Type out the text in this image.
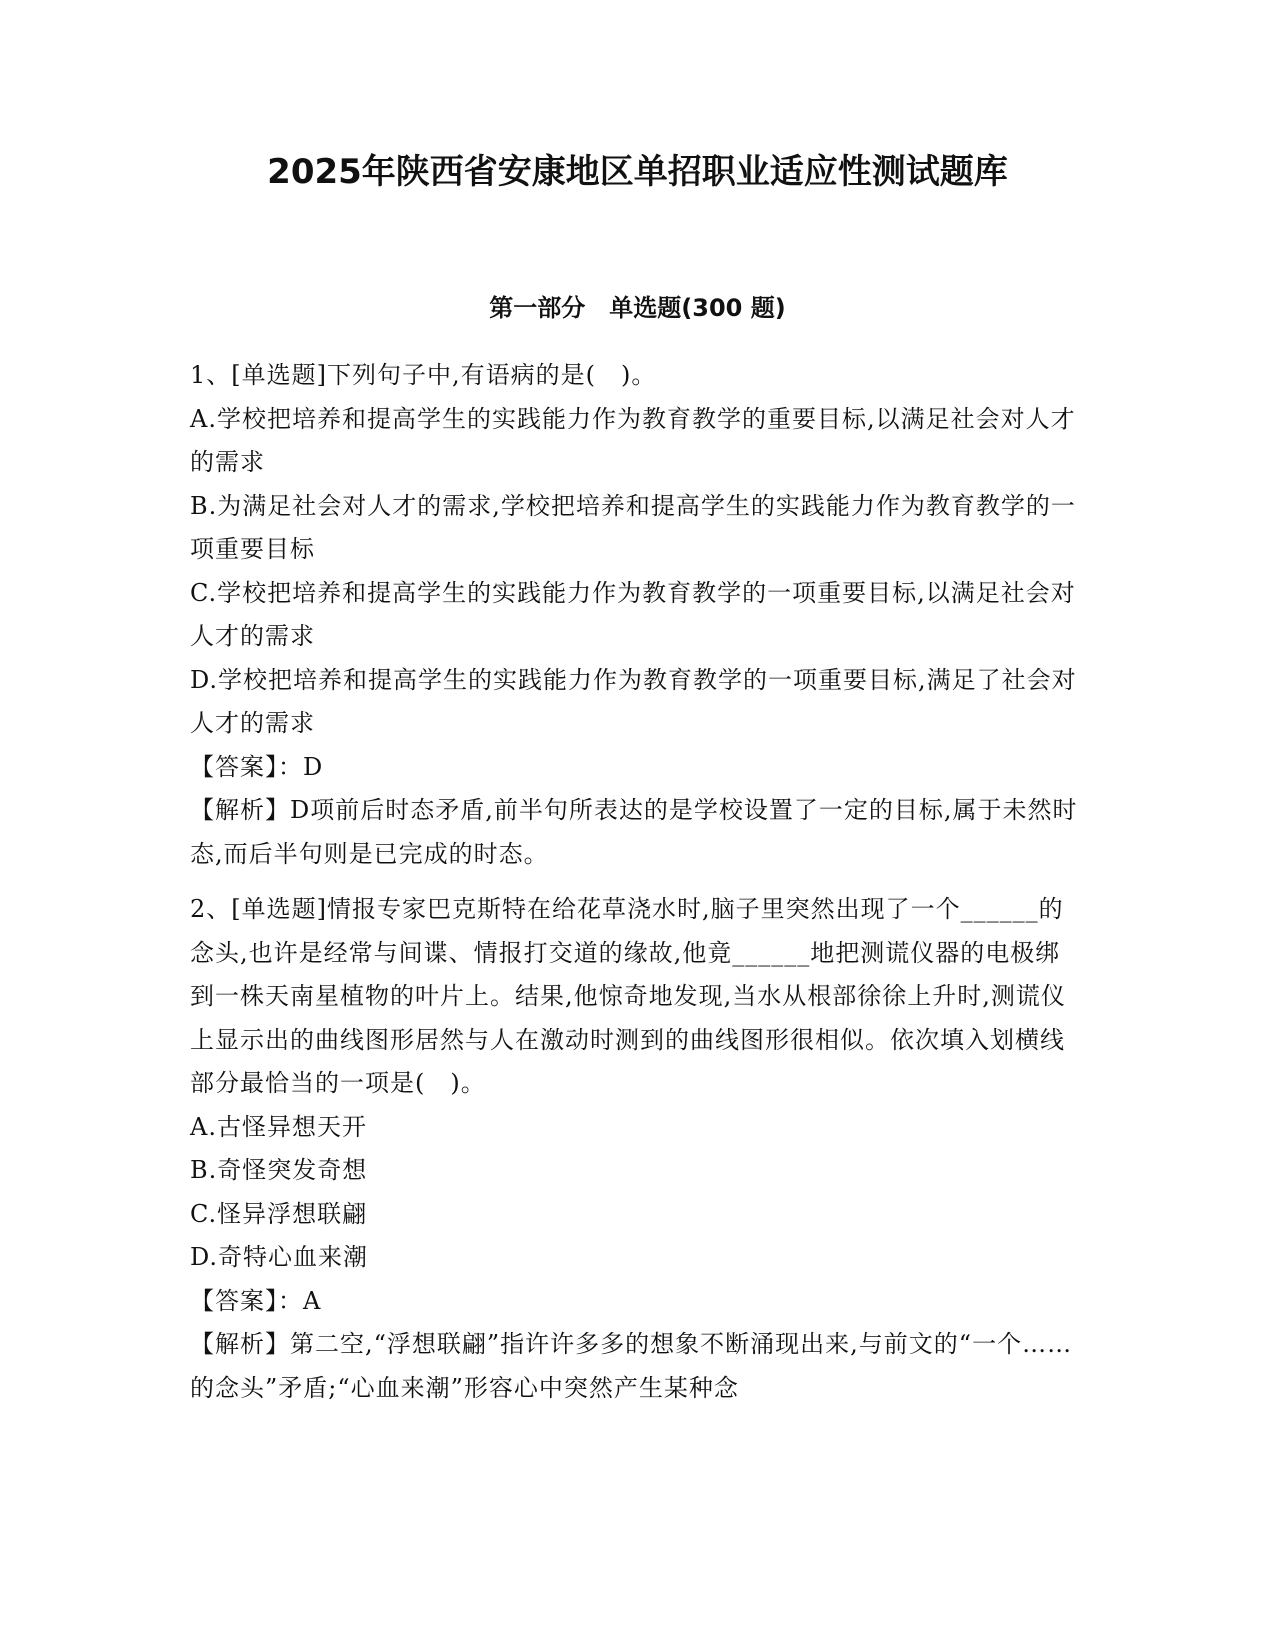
2025年陕西省安康地区单招职业适应性测试题库
第一部分　单选题(300 题)

1、[单选题]下列句子中,有语病的是(　)。

A.学校把培养和提高学生的实践能力作为教育教学的重要目标,以满足社会对人才的需求

B.为满足社会对人才的需求,学校把培养和提高学生的实践能力作为教育教学的一项重要目标

C.学校把培养和提高学生的实践能力作为教育教学的一项重要目标,以满足社会对人才的需求

D.学校把培养和提高学生的实践能力作为教育教学的一项重要目标,满足了社会对人才的需求

【答案】：D

【解析】D项前后时态矛盾,前半句所表达的是学校设置了一定的目标,属于未然时态,而后半句则是已完成的时态。

2、[单选题]情报专家巴克斯特在给花草浇水时,脑子里突然出现了一个______的念头,也许是经常与间谍、情报打交道的缘故,他竟______地把测谎仪器的电极绑到一株天南星植物的叶片上。结果,他惊奇地发现,当水从根部徐徐上升时,测谎仪上显示出的曲线图形居然与人在激动时测到的曲线图形很相似。依次填入划横线部分最恰当的一项是(　)。

A.古怪异想天开

B.奇怪突发奇想

C.怪异浮想联翩

D.奇特心血来潮

【答案】：A

【解析】第二空,“浮想联翩”指许许多多的想象不断涌现出来,与前文的“一个……的念头”矛盾;“心血来潮”形容心中突然产生某种念
